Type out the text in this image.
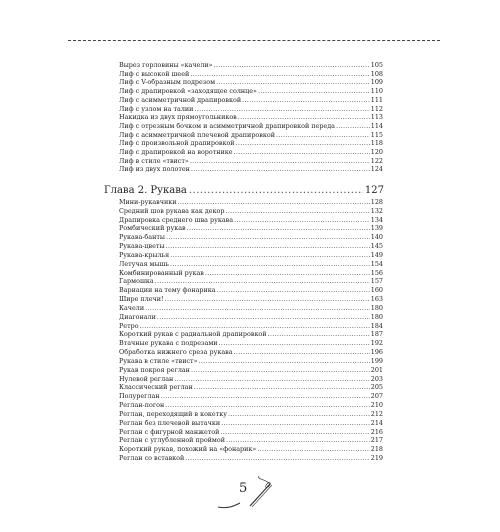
Вырез горловины «качели» .....	105
Лиф с высокой шеей .....	108
Лиф с V-образным подрезом .....	109
Лиф с драпировкой «заходящее солнце» .....	110
Лиф с асимметричной драпировкой .....	111
Лиф с узлом на талии .....	112
Накидка из двух прямоугольников .....	113
Лиф с отрезным бочком и асимметричной драпировкой переда .....	114
Лиф с асимметричной плечевой драпировкой .....	115
Лиф с произвольной драпировкой .....	118
Лиф с драпировкой на воротнике .....	120
Лиф в стиле «твист» .....	122
Лиф из двух полотен .....	124
Глава 2. Рукава .....	127
Мини-рукавчики .....	128
Средний шов рукава как декор .....	132
Драпировка среднего шва рукава .....	134
Ромбический рукав .....	139
Рукава-банты .....	140
Рукава-цветы .....	145
Рукава-крылья .....	149
Летучая мышь .....	154
Комбинированный рукав .....	156
Гармошка .....	157
Вариации на тему фонарика .....	160
Шире плечи! .....	163
Качели .....	180
Диагонали .....	180
Ретро .....	184
Короткий рукав с радиальной драпировкой .....	187
Втачные рукава с подрезами .....	192
Обработка нижнего среза рукава .....	196
Рукава в стиле «твист» .....	199
Рукав покроя реглан .....	201
Нулевой реглан .....	203
Классический реглан .....	205
Полуреглан .....	207
Реглан-погон .....	210
Реглан, переходящий в кокетку .....	212
Реглан без плечевой вытачки .....	214
Реглан с фигурной манжетой .....	216
Реглан с углубленной проймой .....	217
Короткий рукав, похожий на «фонарик» .....	218
Реглан со вставкой .....	219
5
